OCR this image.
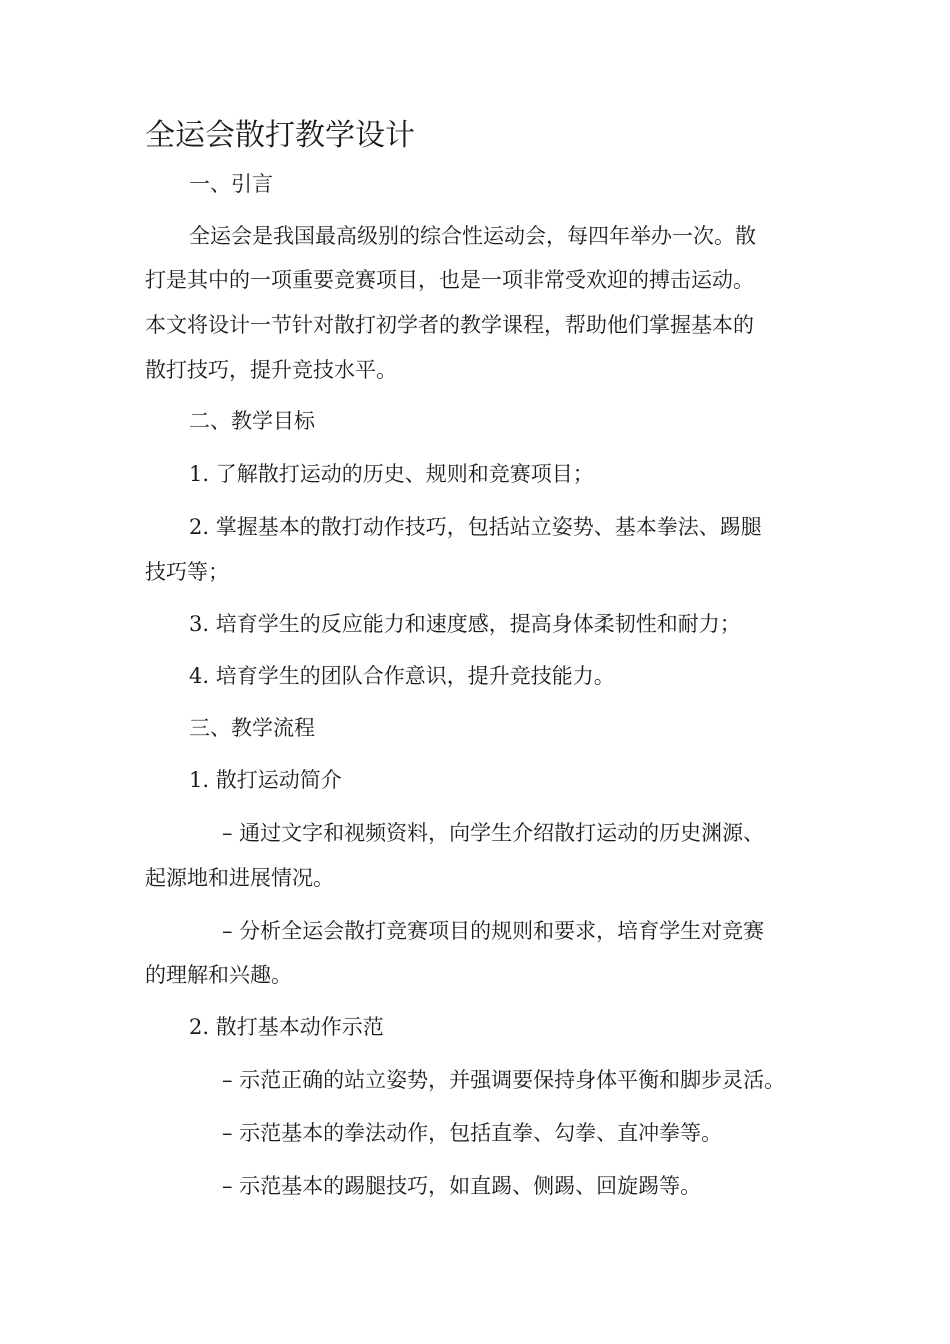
全运会散打教学设计
一、引言
全运会是我国最高级别的综合性运动会，每四年举办一次。散
打是其中的一项重要竞赛项目，也是一项非常受欢迎的搏击运动。
本文将设计一节针对散打初学者的教学课程，帮助他们掌握基本的
散打技巧，提升竞技水平。
二、教学目标
1. 了解散打运动的历史、规则和竞赛项目；
2. 掌握基本的散打动作技巧，包括站立姿势、基本拳法、踢腿
技巧等；
3. 培育学生的反应能力和速度感，提高身体柔韧性和耐力；
4. 培育学生的团队合作意识，提升竞技能力。
三、教学流程
1. 散打运动简介
– 通过文字和视频资料，向学生介绍散打运动的历史渊源、
起源地和进展情况。
– 分析全运会散打竞赛项目的规则和要求，培育学生对竞赛
的理解和兴趣。
2. 散打基本动作示范
– 示范正确的站立姿势，并强调要保持身体平衡和脚步灵活。
– 示范基本的拳法动作，包括直拳、勾拳、直冲拳等。
– 示范基本的踢腿技巧，如直踢、侧踢、回旋踢等。
